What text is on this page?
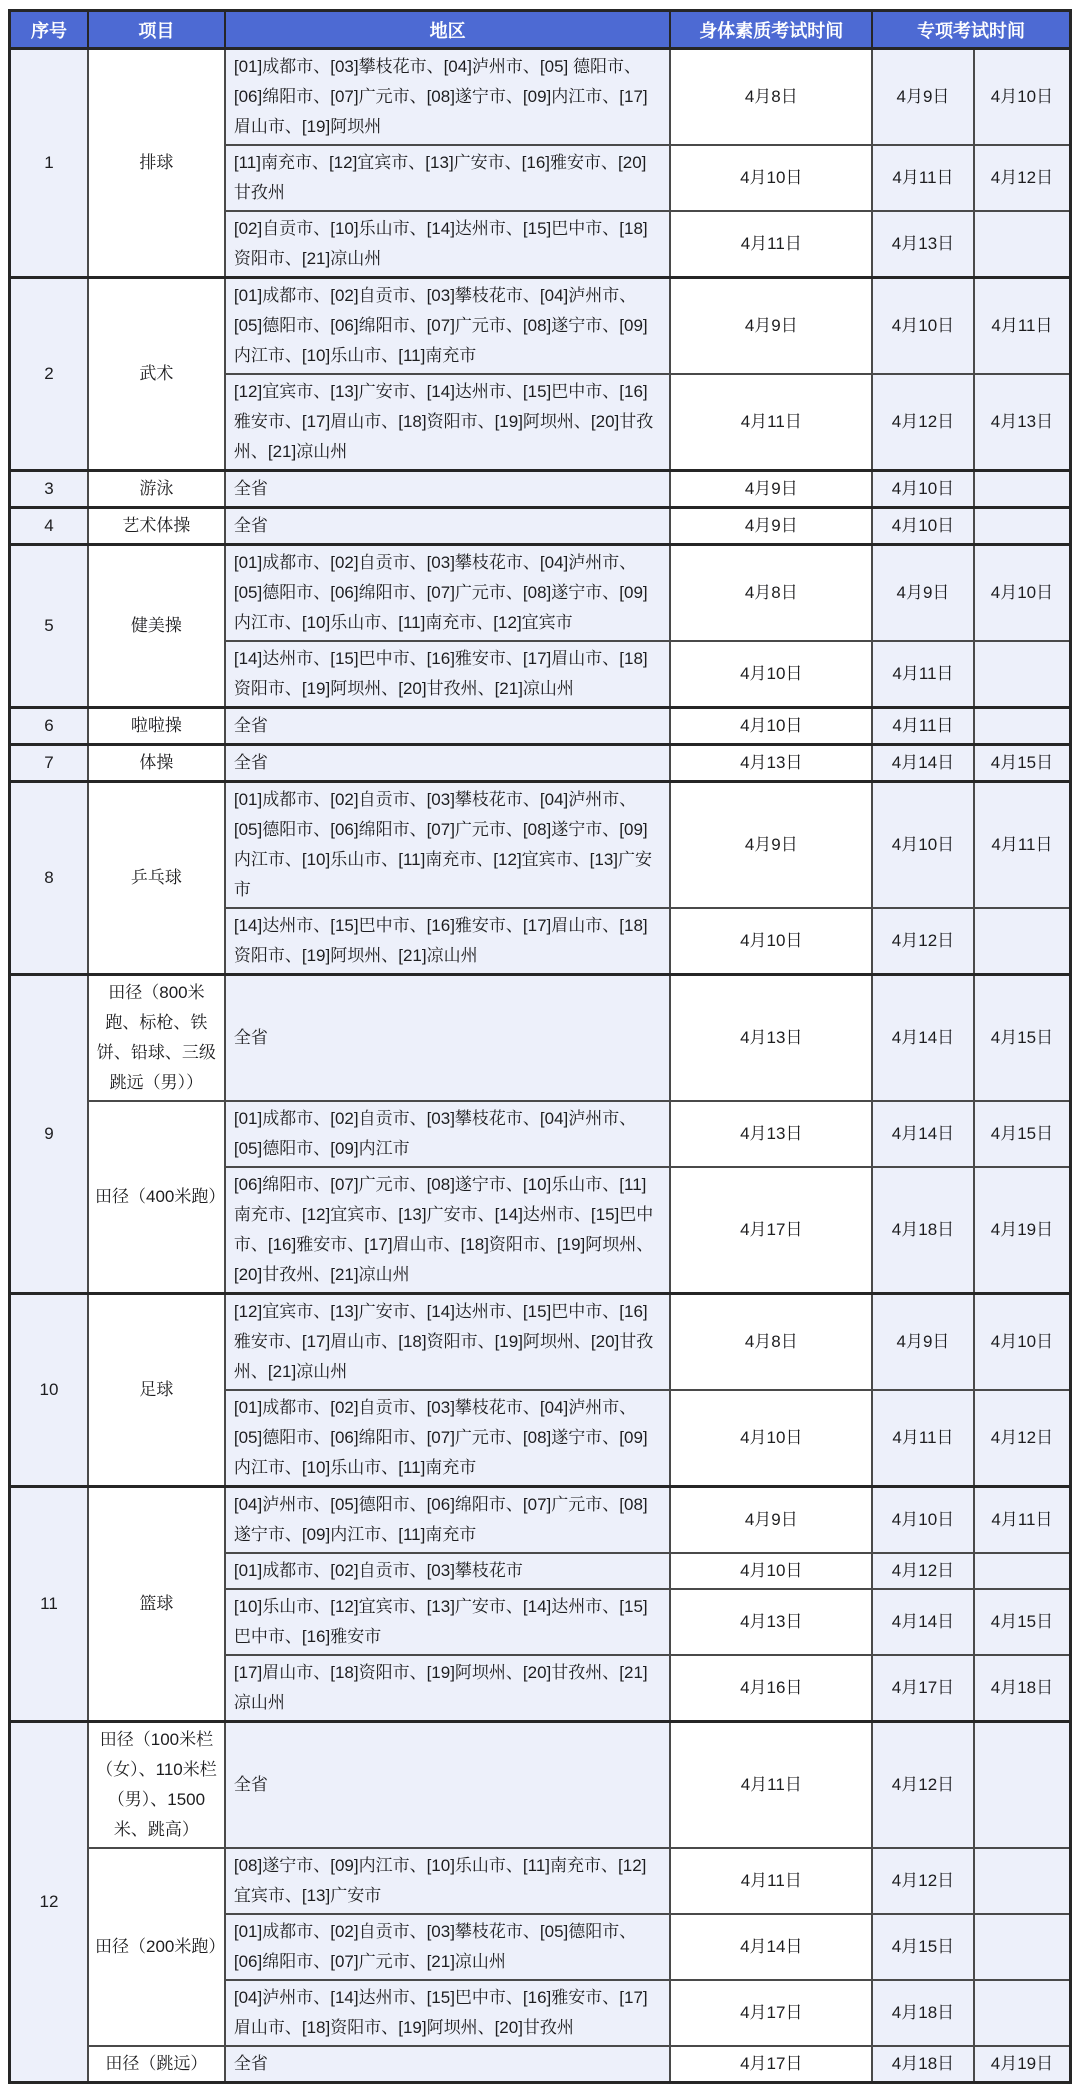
序号	项目	地区	身体素质考试时间	专项考试时间	
1	排球	[01]成都市、[03]攀枝花市、[04]泸州市、[05] 德阳市、[06]绵阳市、[07]广元市、[08]遂宁市、[09]内江市、[17]眉山市、[19]阿坝州	4月8日	4月9日	4月10日
		[11]南充市、[12]宜宾市、[13]广安市、[16]雅安市、[20]甘孜州	4月10日	4月11日	4月12日
		[02]自贡市、[10]乐山市、[14]达州市、[15]巴中市、[18]资阳市、[21]凉山州	4月11日	4月13日	
2	武术	[01]成都市、[02]自贡市、[03]攀枝花市、[04]泸州市、[05]德阳市、[06]绵阳市、[07]广元市、[08]遂宁市、[09]内江市、[10]乐山市、[11]南充市	4月9日	4月10日	4月11日
		[12]宜宾市、[13]广安市、[14]达州市、[15]巴中市、[16]雅安市、[17]眉山市、[18]资阳市、[19]阿坝州、[20]甘孜州、[21]凉山州	4月11日	4月12日	4月13日
3	游泳	全省	4月9日	4月10日	
4	艺术体操	全省	4月9日	4月10日	
5	健美操	[01]成都市、[02]自贡市、[03]攀枝花市、[04]泸州市、[05]德阳市、[06]绵阳市、[07]广元市、[08]遂宁市、[09]内江市、[10]乐山市、[11]南充市、[12]宜宾市	4月8日	4月9日	4月10日
		[14]达州市、[15]巴中市、[16]雅安市、[17]眉山市、[18]资阳市、[19]阿坝州、[20]甘孜州、[21]凉山州	4月10日	4月11日	
6	啦啦操	全省	4月10日	4月11日	
7	体操	全省	4月13日	4月14日	4月15日
8	乒乓球	[01]成都市、[02]自贡市、[03]攀枝花市、[04]泸州市、[05]德阳市、[06]绵阳市、[07]广元市、[08]遂宁市、[09]内江市、[10]乐山市、[11]南充市、[12]宜宾市、[13]广安市	4月9日	4月10日	4月11日
		[14]达州市、[15]巴中市、[16]雅安市、[17]眉山市、[18]资阳市、[19]阿坝州、[21]凉山州	4月10日	4月12日	
9	田径（800米跑、标枪、铁饼、铅球、三级跳远（男））	全省	4月13日	4月14日	4月15日
	田径（400米跑）	[01]成都市、[02]自贡市、[03]攀枝花市、[04]泸州市、[05]德阳市、[09]内江市	4月13日	4月14日	4月15日
		[06]绵阳市、[07]广元市、[08]遂宁市、[10]乐山市、[11]南充市、[12]宜宾市、[13]广安市、[14]达州市、[15]巴中市、[16]雅安市、[17]眉山市、[18]资阳市、[19]阿坝州、[20]甘孜州、[21]凉山州	4月17日	4月18日	4月19日
10	足球	[12]宜宾市、[13]广安市、[14]达州市、[15]巴中市、[16]雅安市、[17]眉山市、[18]资阳市、[19]阿坝州、[20]甘孜州、[21]凉山州	4月8日	4月9日	4月10日
		[01]成都市、[02]自贡市、[03]攀枝花市、[04]泸州市、[05]德阳市、[06]绵阳市、[07]广元市、[08]遂宁市、[09]内江市、[10]乐山市、[11]南充市	4月10日	4月11日	4月12日
11	篮球	[04]泸州市、[05]德阳市、[06]绵阳市、[07]广元市、[08]遂宁市、[09]内江市、[11]南充市	4月9日	4月10日	4月11日
		[01]成都市、[02]自贡市、[03]攀枝花市	4月10日	4月12日	
		[10]乐山市、[12]宜宾市、[13]广安市、[14]达州市、[15]巴中市、[16]雅安市	4月13日	4月14日	4月15日
		[17]眉山市、[18]资阳市、[19]阿坝州、[20]甘孜州、[21]凉山州	4月16日	4月17日	4月18日
12	田径（100米栏（女）、110米栏（男）、1500米、跳高）	全省	4月11日	4月12日	
	田径（200米跑）	[08]遂宁市、[09]内江市、[10]乐山市、[11]南充市、[12]宜宾市、[13]广安市	4月11日	4月12日	
		[01]成都市、[02]自贡市、[03]攀枝花市、[05]德阳市、[06]绵阳市、[07]广元市、[21]凉山州	4月14日	4月15日	
		[04]泸州市、[14]达州市、[15]巴中市、[16]雅安市、[17]眉山市、[18]资阳市、[19]阿坝州、[20]甘孜州	4月17日	4月18日	
	田径（跳远）	全省	4月17日	4月18日	4月19日
